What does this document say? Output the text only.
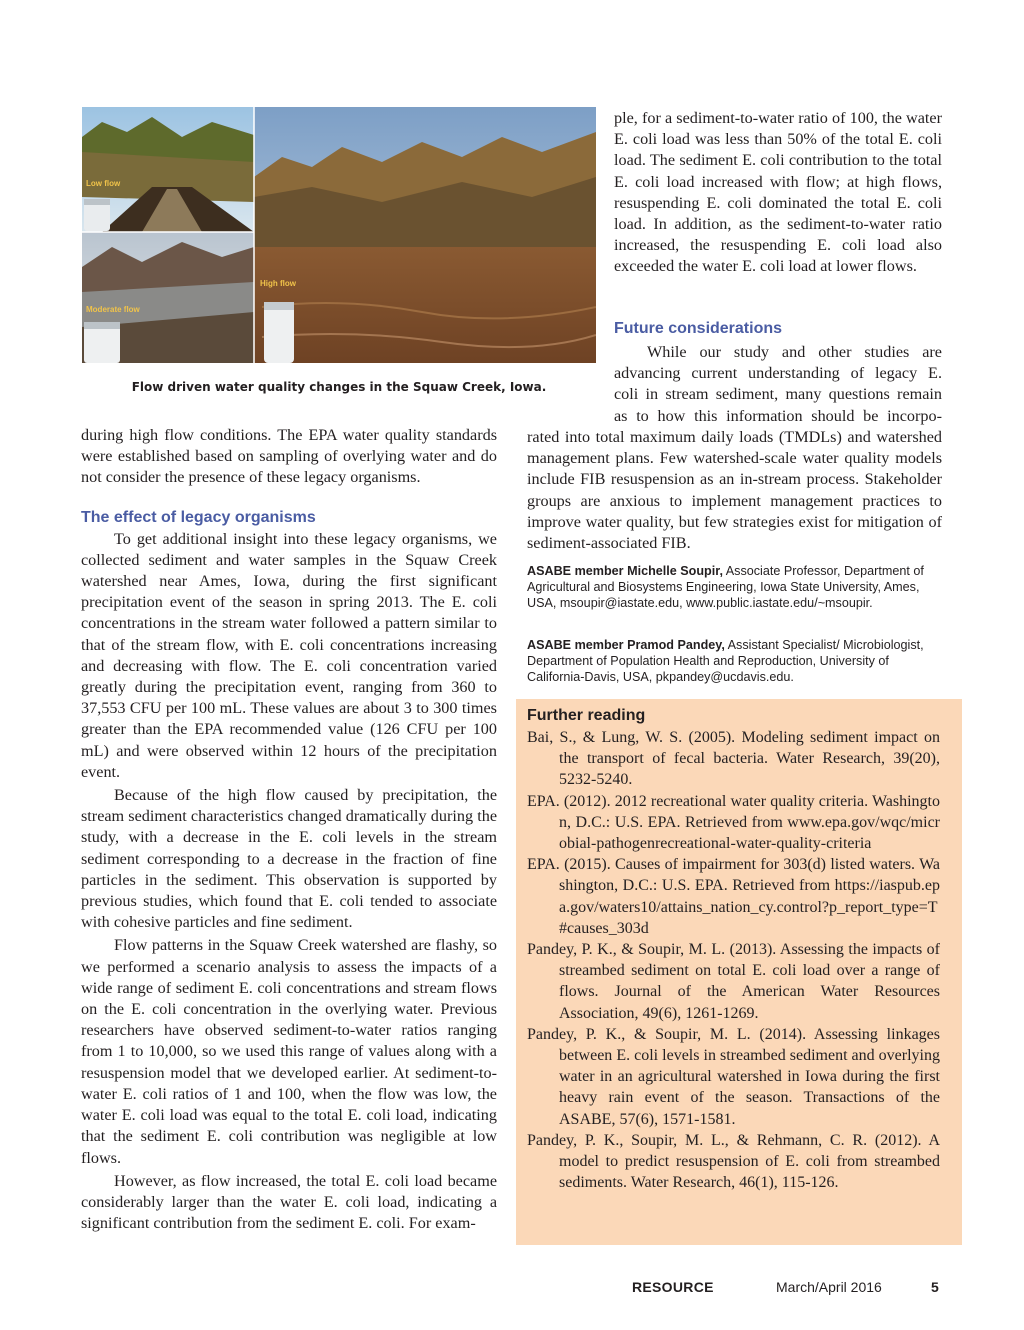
Low flow
Moderate flow
High flow
Flow driven water quality changes in the Squaw Creek, Iowa.

ple, for a sediment-to-water ratio of 100, the water E. coli load was less than 50% of the total E. coli load. The sediment E. coli contribution to the total E. coli load increased with flow; at high flows, resuspending E. coli dominated the total E. coli load. In addition, as the sediment-to-water ratio increased, the resuspending E. coli load also exceeded the water E. coli load at lower flows.

Future considerations
While our study and other studies are
advancing current understanding of legacy E.
coli in stream sediment, many questions remain
as to how this information should be incorpo-

rated into total maximum daily loads (TMDLs) and watershed management plans. Few watershed-scale water quality models include FIB resuspension as an in-stream process. Stakeholder groups are anxious to implement management practices to improve water quality, but few strategies exist for mitigation of sediment-associated FIB.

during high flow conditions. The EPA water quality standards were established based on sampling of overlying water and do not consider the presence of these legacy organisms.

The effect of legacy organisms

To get additional insight into these legacy organisms, we collected sediment and water samples in the Squaw Creek watershed near Ames, Iowa, during the first significant precipitation event of the season in spring 2013. The E. coli concentrations in the stream water followed a pattern similar to that of the stream flow, with E. coli concentrations increasing and decreasing with flow. The E. coli concentration varied greatly during the precipitation event, ranging from 360 to 37,553 CFU per 100 mL. These values are about 3 to 300 times greater than the EPA recommended value (126 CFU per 100 mL) and were observed within 12 hours of the precipitation event.

Because of the high flow caused by precipitation, the stream sediment characteristics changed dramatically during the study, with a decrease in the E. coli levels in the stream sediment corresponding to a decrease in the fraction of fine particles in the sediment. This observation is supported by previous studies, which found that E. coli tended to associate with cohesive particles and fine sediment.

Flow patterns in the Squaw Creek watershed are flashy, so we performed a scenario analysis to assess the impacts of a wide range of sediment E. coli concentrations and stream flows on the E. coli concentration in the overlying water. Previous researchers have observed sediment-to-water ratios ranging from 1 to 10,000, so we used this range of values along with a resuspension model that we developed earlier. At sediment-to-water E. coli ratios of 1 and 100, when the flow was low, the water E. coli load was equal to the total E. coli load, indicating that the sediment E. coli contribution was negligible at low flows.

However, as flow increased, the total E. coli load became considerably larger than the water E. coli load, indicating a significant contribution from the sediment E. coli. For exam-

ASABE member Michelle Soupir, Associate Professor, Department of Agricultural and Biosystems Engineering, Iowa State University, Ames, USA, msoupir@iastate.edu, www.public.iastate.edu/~msoupir.
ASABE member Pramod Pandey, Assistant Specialist/ Microbiologist, Department of Population Health and Reproduction, University of California-Davis, USA, pkpandey@ucdavis.edu.
Further reading

Bai, S., & Lung, W. S. (2005). Modeling sediment impact on the transport of fecal bacteria. Water Research, 39(20), 5232-5240.

EPA. (2012). 2012 recreational water quality criteria. Washington, D.C.: U.S. EPA. Retrieved from www.epa.gov/wqc/microbial-pathogenrecreational-water-quality-criteria

EPA. (2015). Causes of impairment for 303(d) listed waters. Washington, D.C.: U.S. EPA. Retrieved from https://iaspub.epa.gov/waters10/attains_nation_cy.control?p_report_type=T#causes_303d

Pandey, P. K., & Soupir, M. L. (2013). Assessing the impacts of streambed sediment on total E. coli load over a range of flows. Journal of the American Water Resources Association, 49(6), 1261-1269.

Pandey, P. K., & Soupir, M. L. (2014). Assessing linkages between E. coli levels in streambed sediment and overlying water in an agricultural watershed in Iowa during the first heavy rain event of the season. Transactions of the ASABE, 57(6), 1571-1581.

Pandey, P. K., Soupir, M. L., & Rehmann, C. R. (2012). A model to predict resuspension of E. coli from streambed sediments. Water Research, 46(1), 115-126.

RESOURCE	March/April 2016	5
